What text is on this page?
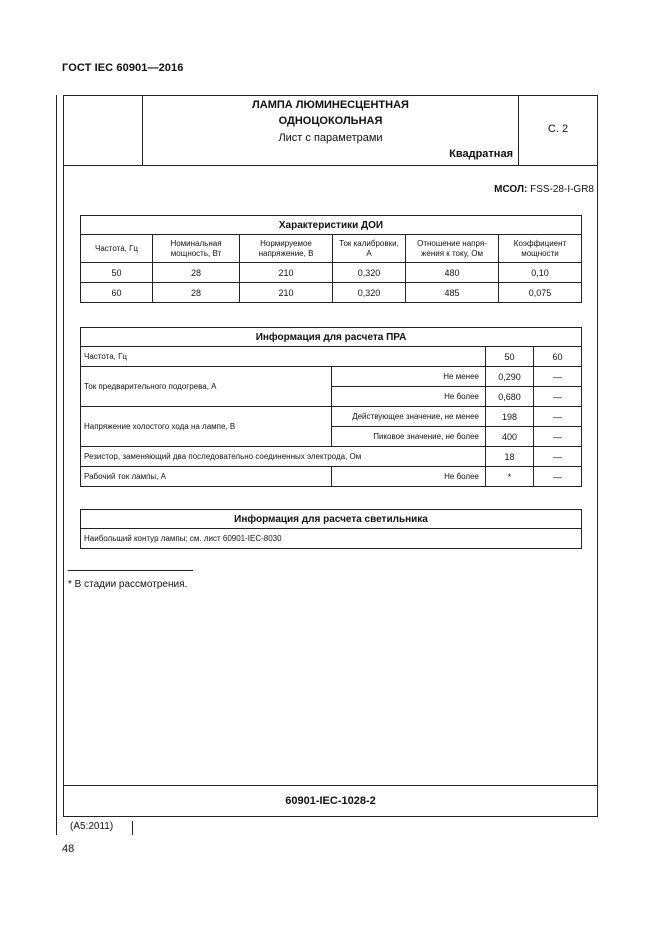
ГОСТ IEC 60901—2016
ЛАМПА ЛЮМИНЕСЦЕНТНАЯ
ОДНОЦОКОЛЬНАЯ
Лист с параметрами
Квадратная
С. 2
МСОЛ: FSS-28-I-GR8
Характеристики ДОИ					
Частота, Гц	Номинальная мощность, Вт	Нормируемое напряжение, В	Ток калибровки, А	Отношение напря-жения к току, Ом	Коэффициент мощности
50	28	210	0,320	480	0,10
60	28	210	0,320	485	0,075
Информация для расчета ПРА			
Частота, Гц		50	60
Ток предварительного подогрева, А	Не менее	0,290	—
	Не более	0,680	—
Напряжение холостого хода на лампе, В	Действующее значение, не менее	198	—
	Пиковое значение, не более	400	—
Резистор, заменяющий два последовательно соединенных электрода, Ом		18	—
Рабочий ток лампы, А	Не более	*	—
Информация для расчета светильника
Наибольший контур лампы: см. лист 60901-IEC-8030
* В стадии рассмотрения.
60901-IEC-1028-2
(А5:2011)
48
